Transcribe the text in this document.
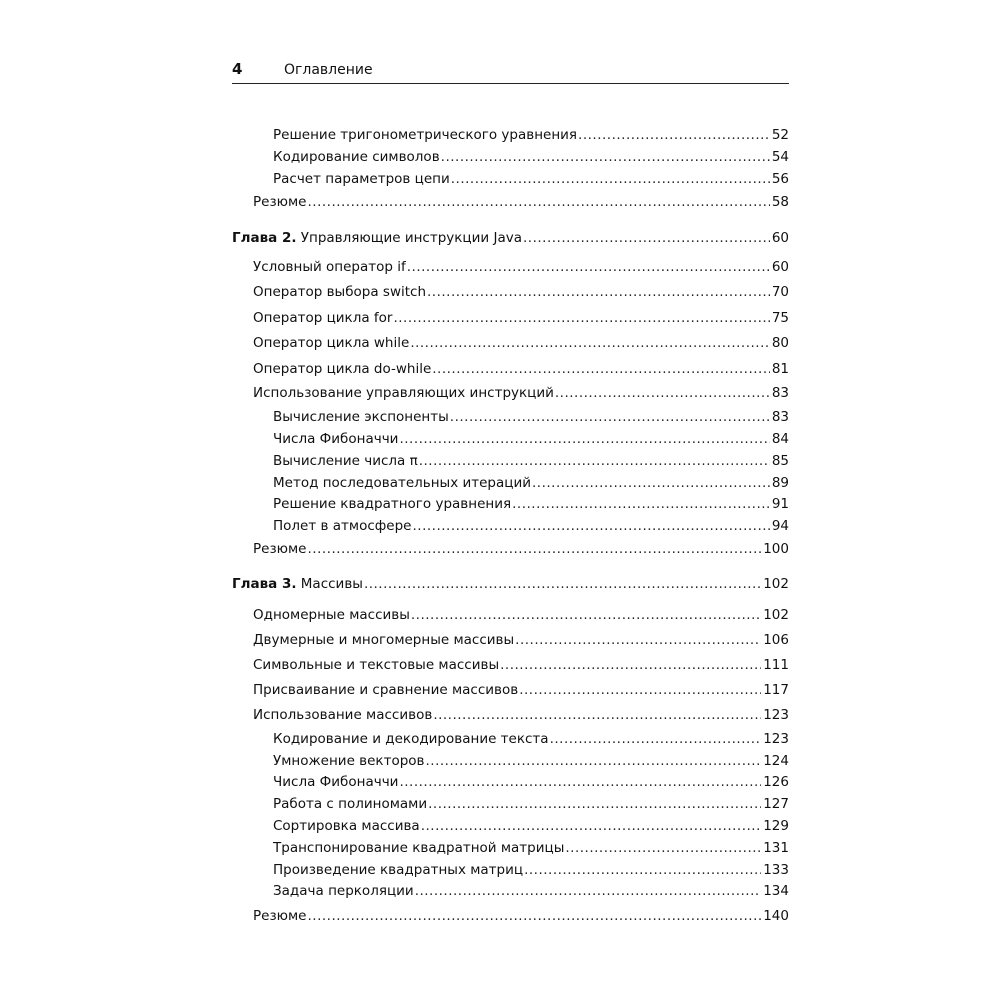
4	Оглавление
Решение тригонометрического уравнения .....	52
Кодирование символов .....	54
Расчет параметров цепи .....	56
Резюме .....	58
Глава 2. Управляющие инструкции Java .....	60
Условный оператор if .....	60
Оператор выбора switch .....	70
Оператор цикла for .....	75
Оператор цикла while .....	80
Оператор цикла do-while .....	81
Использование управляющих инструкций .....	83
Вычисление экспоненты .....	83
Числа Фибоначчи .....	84
Вычисление числа π .....	85
Метод последовательных итераций .....	89
Решение квадратного уравнения .....	91
Полет в атмосфере .....	94
Резюме .....	100
Глава 3. Массивы .....	102
Одномерные массивы .....	102
Двумерные и многомерные массивы .....	106
Символьные и текстовые массивы .....	111
Присваивание и сравнение массивов .....	117
Использование массивов .....	123
Кодирование и декодирование текста .....	123
Умножение векторов .....	124
Числа Фибоначчи .....	126
Работа с полиномами .....	127
Сортировка массива .....	129
Транспонирование квадратной матрицы .....	131
Произведение квадратных матриц .....	133
Задача перколяции .....	134
Резюме .....	140
